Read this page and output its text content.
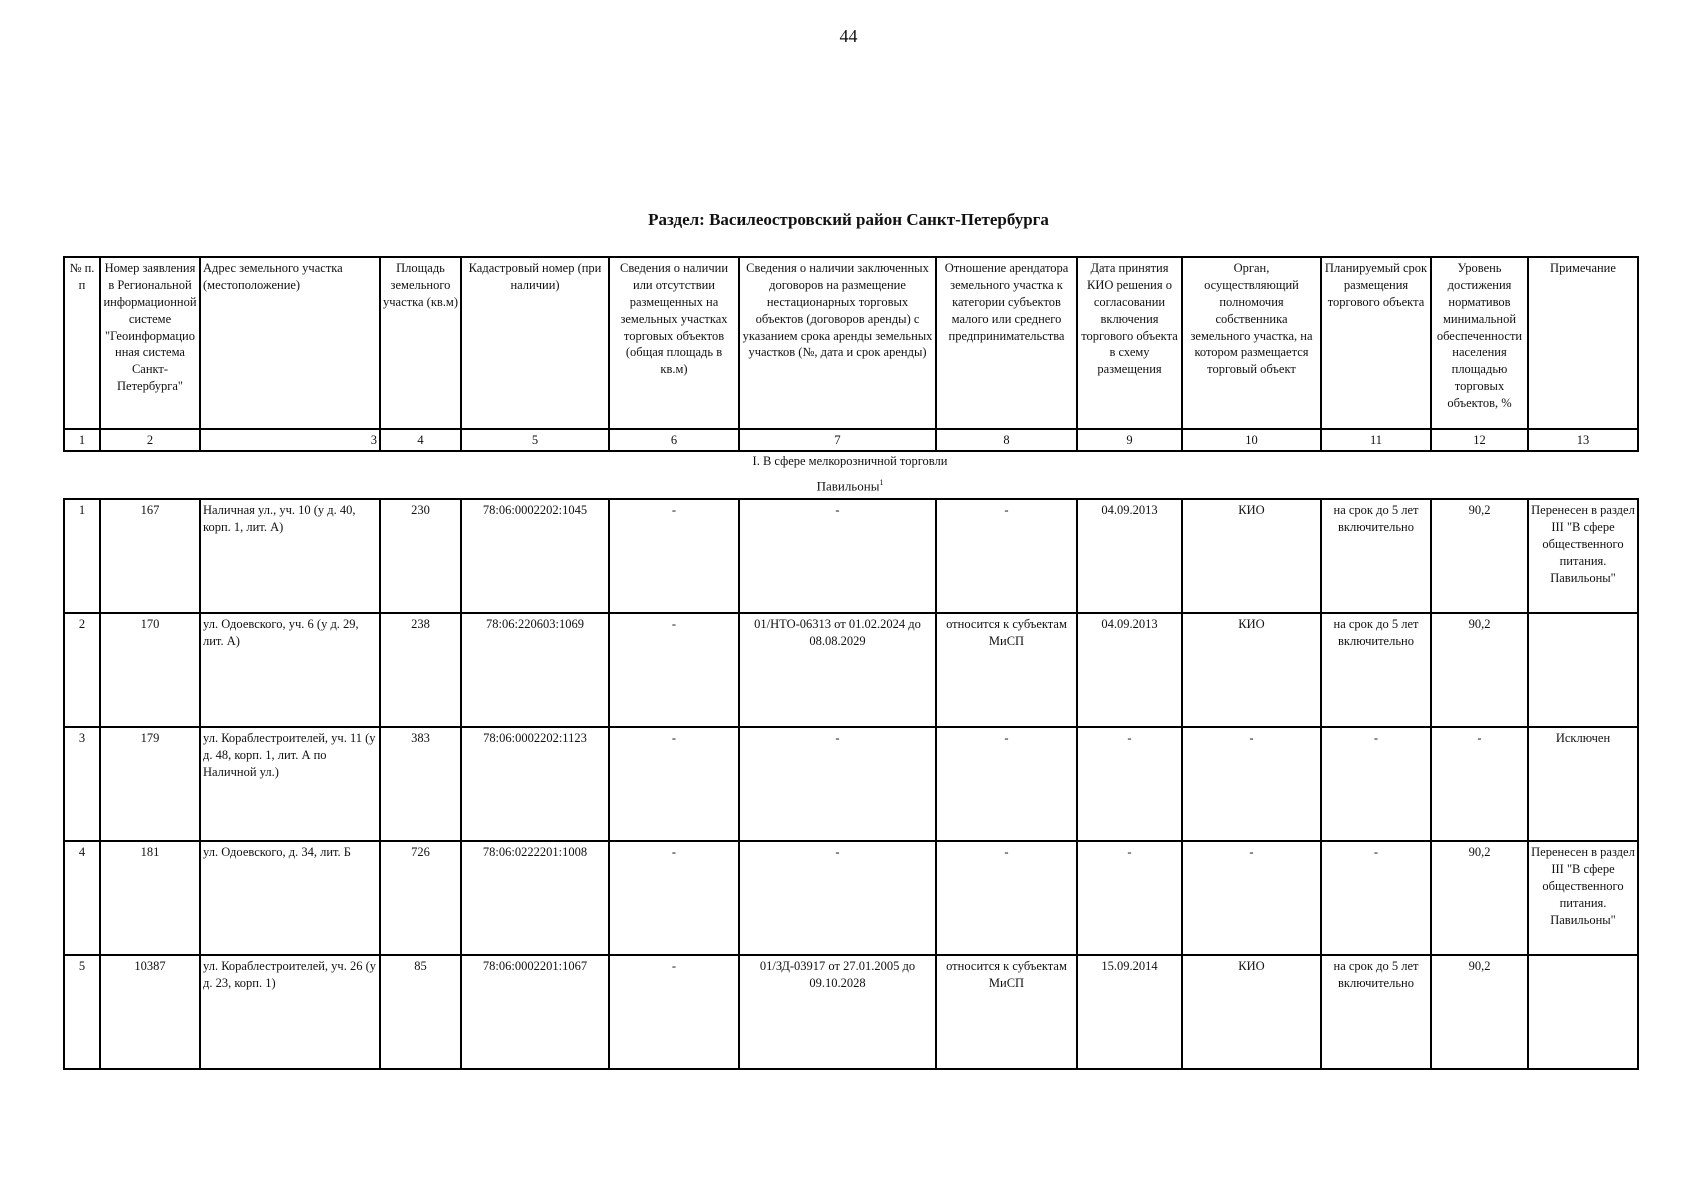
44
Раздел: Василеостровский район Санкт-Петербурга
№ п. п	Номер заявления в Региональной информационной системе "Геоинформационная система Санкт-Петербурга"	Адрес земельного участка (местоположение)	Площадь земельного участка (кв.м)	Кадастровый номер (при наличии)	Сведения о наличии или отсутствии размещенных на земельных участках торговых объектов (общая площадь в кв.м)	Сведения о наличии заключенных договоров на размещение нестационарных торговых объектов (договоров аренды) с указанием срока аренды земельных участков (№, дата и срок аренды)	Отношение арендатора земельного участка к категории субъектов малого или среднего предпринимательства	Дата принятия КИО решения о согласовании включения торгового объекта в схему размещения	Орган, осуществляющий полномочия собственника земельного участка, на котором размещается торговый объект	Планируемый срок размещения торгового объекта	Уровень достижения нормативов минимальной обеспеченности населения площадью торговых объектов, %	Примечание
1	2	3	4	5	6	7	8	9	10	11	12	13
I. В сфере мелкорозничной торговли
Павильоны$^1$
1	167	Наличная ул., уч. 10 (у д. 40, корп. 1, лит. А)	230	78:06:0002202:1045	-	-	-	04.09.2013	КИО	на срок до 5 лет включительно	90,2	Перенесен в раздел III "В сфере общественного питания. Павильоны"
2	170	ул. Одоевского, уч. 6 (у д. 29, лит. А)	238	78:06:220603:1069	-	01/НТО-06313 от 01.02.2024 до 08.08.2029	относится к субъектам МиСП	04.09.2013	КИО	на срок до 5 лет включительно	90,2	
3	179	ул. Кораблестроителей, уч. 11 (у д. 48, корп. 1, лит. А по Наличной ул.)	383	78:06:0002202:1123	-	-	-	-	-	-	-	Исключен
4	181	ул. Одоевского, д. 34, лит. Б	726	78:06:0222201:1008	-	-	-	-	-	-	90,2	Перенесен в раздел III "В сфере общественного питания. Павильоны"
5	10387	ул. Кораблестроителей, уч. 26 (у д. 23, корп. 1)	85	78:06:0002201:1067	-	01/ЗД-03917 от 27.01.2005 до 09.10.2028	относится к субъектам МиСП	15.09.2014	КИО	на срок до 5 лет включительно	90,2	
